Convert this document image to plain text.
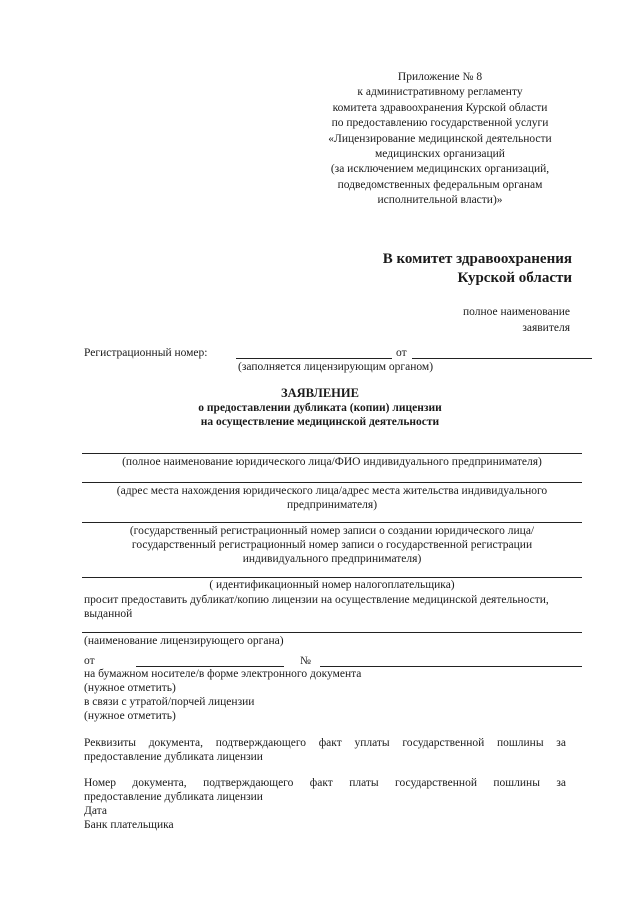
Приложение № 8
к административному регламенту
комитета здравоохранения Курской области
по предоставлению государственной услуги
«Лицензирование медицинской деятельности
медицинских организаций
(за исключением медицинских организаций,
подведомственных федеральным органам
исполнительной власти)»
В комитет здравоохранения
Курской области
полное наименование
заявителя
Регистрационный номер:	от
(заполняется лицензирующим органом)
ЗАЯВЛЕНИЕ
о предоставлении дубликата (копии) лицензии
на осуществление медицинской деятельности
(полное наименование юридического лица/ФИО индивидуального предпринимателя)
(адрес места нахождения юридического лица/адрес места жительства индивидуального
предпринимателя)
(государственный регистрационный номер записи о создании юридического лица/
государственный регистрационный номер записи о государственной регистрации
индивидуального предпринимателя)
( идентификационный номер налогоплательщика)
просит предоставить дубликат/копию лицензии на осуществление медицинской деятельности,
выданной
(наименование лицензирующего органа)
от	№
на бумажном носителе/в форме электронного документа
(нужное отметить)
в связи с утратой/порчей лицензии
(нужное отметить)
Реквизиты документа, подтверждающего факт уплаты государственной пошлины за
предоставление дубликата лицензии
Номер документа, подтверждающего факт платы государственной пошлины за
предоставление дубликата лицензии
Дата
Банк плательщика
